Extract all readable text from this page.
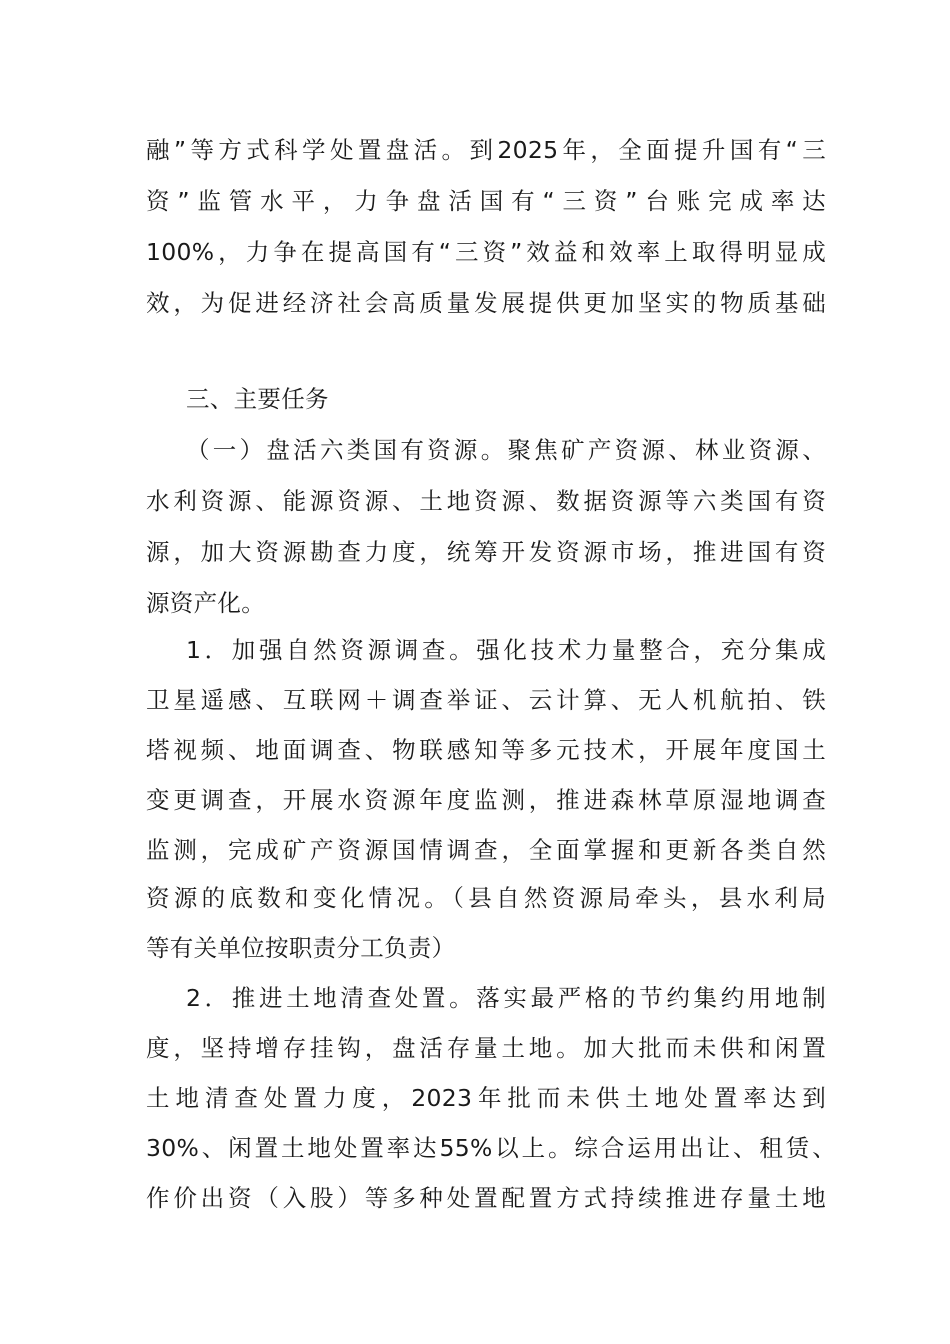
融”等方式科学处置盘活。到2025年，全面提升国有“三
资”监管水平，力争盘活国有“三资”台账完成率达
100%，力争在提高国有“三资”效益和效率上取得明显成
效，为促进经济社会高质量发展提供更加坚实的物质基础
三、主要任务
（一）盘活六类国有资源。聚焦矿产资源、林业资源、
水利资源、能源资源、土地资源、数据资源等六类国有资
源，加大资源勘查力度，统筹开发资源市场，推进国有资
源资产化。
1．加强自然资源调查。强化技术力量整合，充分集成
卫星遥感、互联网＋调查举证、云计算、无人机航拍、铁
塔视频、地面调查、物联感知等多元技术，开展年度国土
变更调查，开展水资源年度监测，推进森林草原湿地调查
监测，完成矿产资源国情调查，全面掌握和更新各类自然
资源的底数和变化情况。（县自然资源局牵头，县水利局
等有关单位按职责分工负责）
2．推进土地清查处置。落实最严格的节约集约用地制
度，坚持增存挂钩，盘活存量土地。加大批而未供和闲置
土地清查处置力度，2023年批而未供土地处置率达到
30%、闲置土地处置率达55%以上。综合运用出让、租赁、
作价出资（入股）等多种处置配置方式持续推进存量土地
